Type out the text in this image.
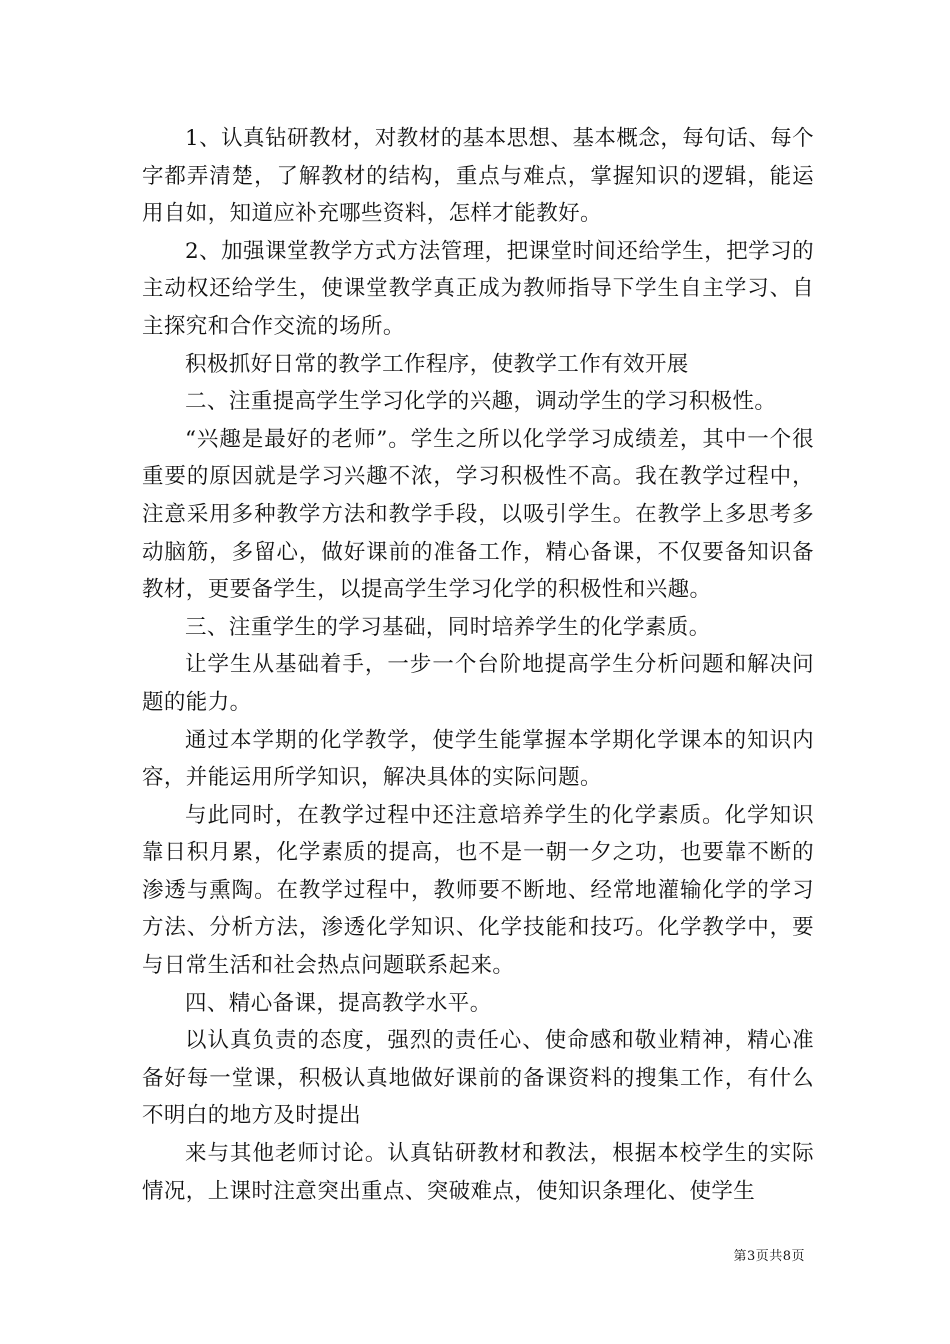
1、认真钻研教材，对教材的基本思想、基本概念，每句话、每个字都弄清楚，了解教材的结构，重点与难点，掌握知识的逻辑，能运用自如，知道应补充哪些资料，怎样才能教好。

2、加强课堂教学方式方法管理，把课堂时间还给学生，把学习的主动权还给学生，使课堂教学真正成为教师指导下学生自主学习、自主探究和合作交流的场所。

积极抓好日常的教学工作程序，使教学工作有效开展

二、注重提高学生学习化学的兴趣，调动学生的学习积极性。

“兴趣是最好的老师”。学生之所以化学学习成绩差，其中一个很重要的原因就是学习兴趣不浓，学习积极性不高。我在教学过程中，注意采用多种教学方法和教学手段，以吸引学生。在教学上多思考多动脑筋，多留心，做好课前的准备工作，精心备课，不仅要备知识备教材，更要备学生，以提高学生学习化学的积极性和兴趣。

三、注重学生的学习基础，同时培养学生的化学素质。

让学生从基础着手，一步一个台阶地提高学生分析问题和解决问题的能力。

通过本学期的化学教学，使学生能掌握本学期化学课本的知识内容，并能运用所学知识，解决具体的实际问题。

与此同时，在教学过程中还注意培养学生的化学素质。化学知识靠日积月累，化学素质的提高，也不是一朝一夕之功，也要靠不断的渗透与熏陶。在教学过程中，教师要不断地、经常地灌输化学的学习方法、分析方法，渗透化学知识、化学技能和技巧。化学教学中，要与日常生活和社会热点问题联系起来。

四、精心备课，提高教学水平。

以认真负责的态度，强烈的责任心、使命感和敬业精神，精心准备好每一堂课，积极认真地做好课前的备课资料的搜集工作，有什么不明白的地方及时提出

来与其他老师讨论。认真钻研教材和教法，根据本校学生的实际情况，上课时注意突出重点、突破难点，使知识条理化、使学生

第3页共8页
